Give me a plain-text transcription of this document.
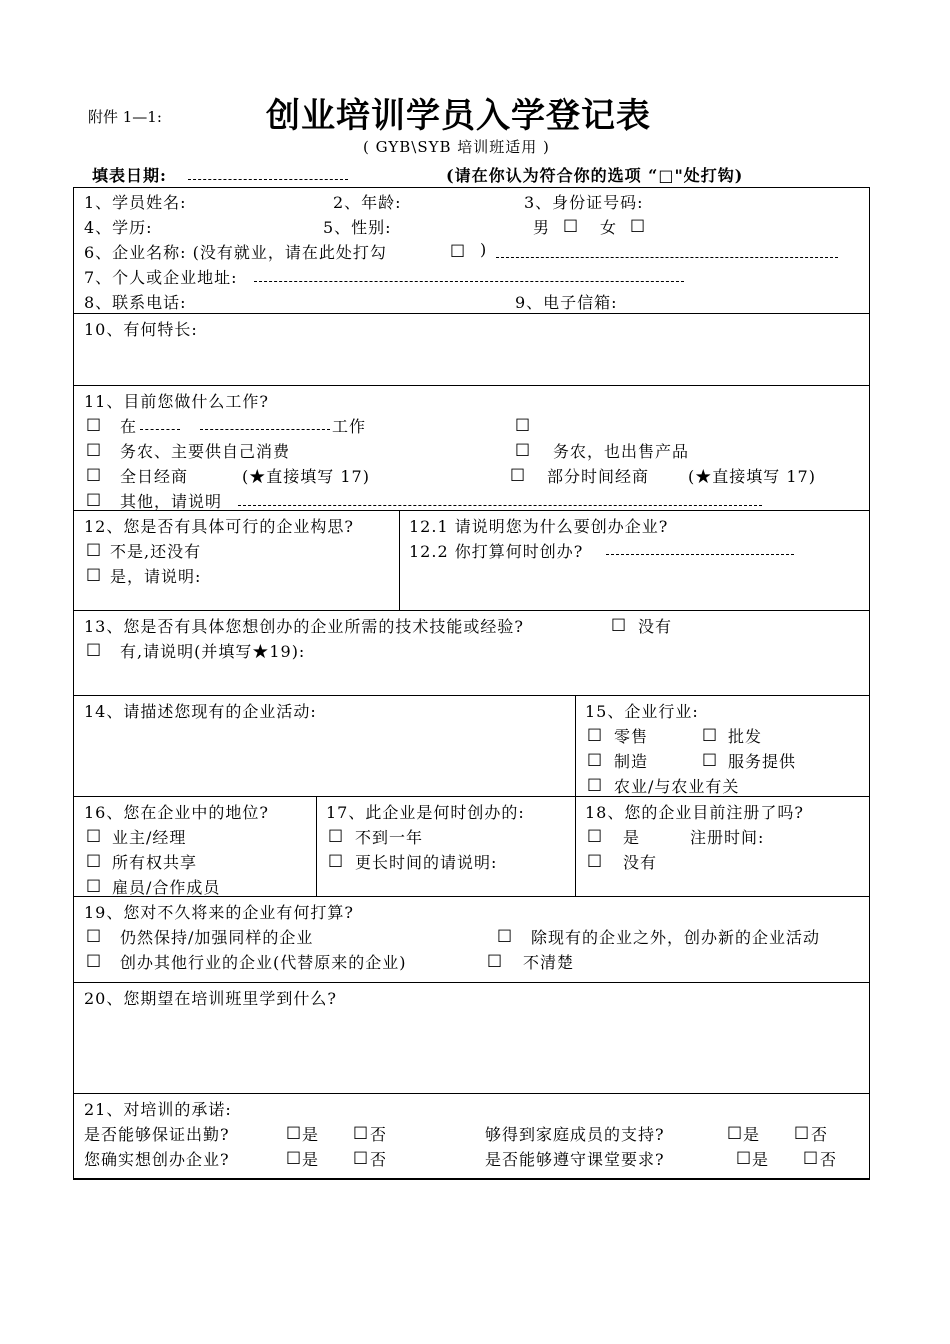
附件 1—1:	创业培训学员入学登记表
( GYB\SYB 培训班适用 )
填表日期:	(请在你认为符合你的选项 “□"处打钩)
1、学员姓名:	2、年龄:	3、身份证号码:
4、学历:	5、性别:	男 □ 女 □
6、企业名称: (没有就业，请在此处打勾	□ )
7、个人或企业地址:
8、联系电话:	9、电子信箱:
10、有何特长:
11、目前您做什么工作?
□ 在	工作	□
□ 务农、主要供自己消费	□ 务农，也出售产品
□ 全日经商	(★直接填写 17)	□ 部分时间经商 (★直接填写 17)
□ 其他，请说明
12、您是否有具体可行的企业构思?
□ 不是,还没有
□ 是，请说明:
12.1 请说明您为什么要创办企业?
12.2 你打算何时创办?
13、您是否有具体您想创办的企业所需的技术技能或经验?	□ 没有
□ 有,请说明(并填写★19):
14、请描述您现有的企业活动:	15、企业行业:
□ 零售	□ 批发
□ 制造	□ 服务提供
□ 农业/与农业有关
16、您在企业中的地位?
□ 业主/经理
□ 所有权共享
□ 雇员/合作成员
17、此企业是何时创办的:
□ 不到一年
□ 更长时间的请说明:
18、您的企业目前注册了吗?
□ 是	注册时间:
□ 没有
19、您对不久将来的企业有何打算?
□ 仍然保持/加强同样的企业	□ 除现有的企业之外，创办新的企业活动
□ 创办其他行业的企业(代替原来的企业)	□ 不清楚
20、您期望在培训班里学到什么?
21、对培训的承诺:
是否能够保证出勤?	□ 是 □ 否	够得到家庭成员的支持?	□ 是 □ 否
您确实想创办企业?	□ 是 □ 否	是否能够遵守课堂要求?	□ 是 □ 否
